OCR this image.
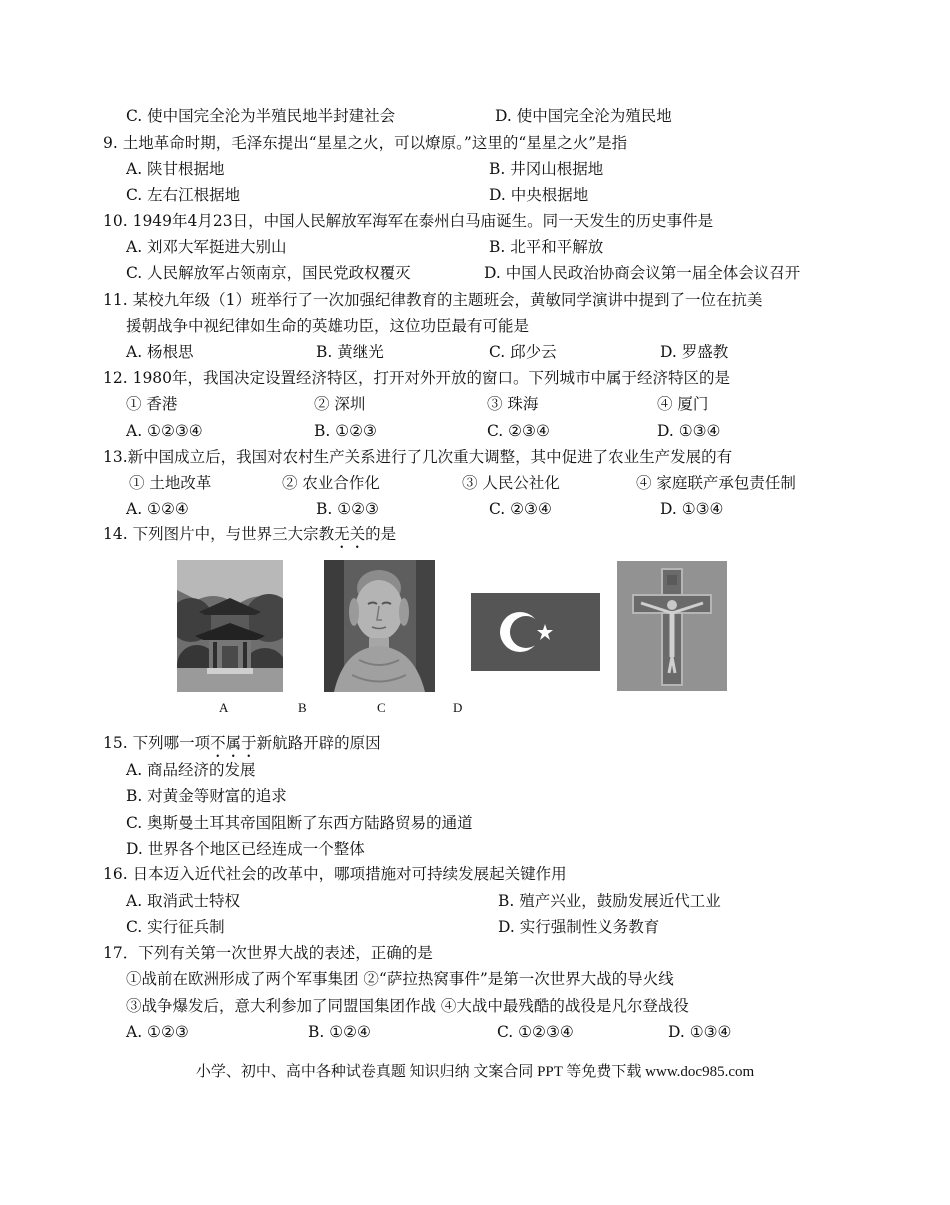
C. 使中国完全沦为半殖民地半封建社会	D. 使中国完全沦为殖民地
9. 土地革命时期，毛泽东提出“星星之火，可以燎原。”这里的“星星之火”是指
A. 陕甘根据地	B. 井冈山根据地
C. 左右江根据地	D. 中央根据地
10. 1949年4月23日，中国人民解放军海军在泰州白马庙诞生。同一天发生的历史事件是
A. 刘邓大军挺进大别山	B. 北平和平解放
C. 人民解放军占领南京，国民党政权覆灭	D. 中国人民政治协商会议第一届全体会议召开
11. 某校九年级（1）班举行了一次加强纪律教育的主题班会，黄敏同学演讲中提到了一位在抗美
援朝战争中视纪律如生命的英雄功臣，这位功臣最有可能是
A. 杨根思	B. 黄继光	C. 邱少云	D. 罗盛教
12. 1980年，我国决定设置经济特区，打开对外开放的窗口。下列城市中属于经济特区的是
① 香港	② 深圳	③ 珠海	④ 厦门
A. ①②③④	B. ①②③	C. ②③④	D. ①③④
13.新中国成立后，我国对农村生产关系进行了几次重大调整，其中促进了农业生产发展的有
① 土地改革	② 农业合作化	③ 人民公社化	④ 家庭联产承包责任制
A. ①②④	B. ①②③	C. ②③④	D. ①③④
14. 下列图片中，与世界三大宗教无关的是
A	B	C	D
15. 下列哪一项不属于新航路开辟的原因
A. 商品经济的发展
B. 对黄金等财富的追求
C. 奥斯曼土耳其帝国阻断了东西方陆路贸易的通道
D. 世界各个地区已经连成一个整体
16. 日本迈入近代社会的改革中，哪项措施对可持续发展起关键作用
A. 取消武士特权	B. 殖产兴业，鼓励发展近代工业
C. 实行征兵制	D. 实行强制性义务教育
17．下列有关第一次世界大战的表述，正确的是
①战前在欧洲形成了两个军事集团 ②“萨拉热窝事件”是第一次世界大战的导火线
③战争爆发后，意大利参加了同盟国集团作战 ④大战中最残酷的战役是凡尔登战役
A. ①②③	B. ①②④	C. ①②③④	D. ①③④
小学、初中、高中各种试卷真题 知识归纳 文案合同 PPT 等免费下载 www.doc985.com
